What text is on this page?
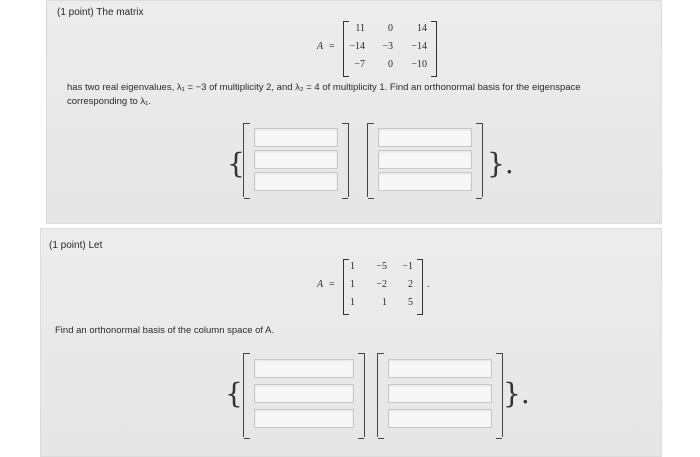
(1 point) The matrix
A =
11	0	14
−14	−3	−14
−7	0	−10
has two real eigenvalues, λ₁ = −3 of multiplicity 2, and λ₂ = 4 of multiplicity 1. Find an orthonormal basis for the eigenspace
corresponding to λ₁.
{	}.
(1 point) Let
A =
1	−5	−1
1	−2	2
1	1	5
.
Find an orthonormal basis of the column space of A.
{	}.
